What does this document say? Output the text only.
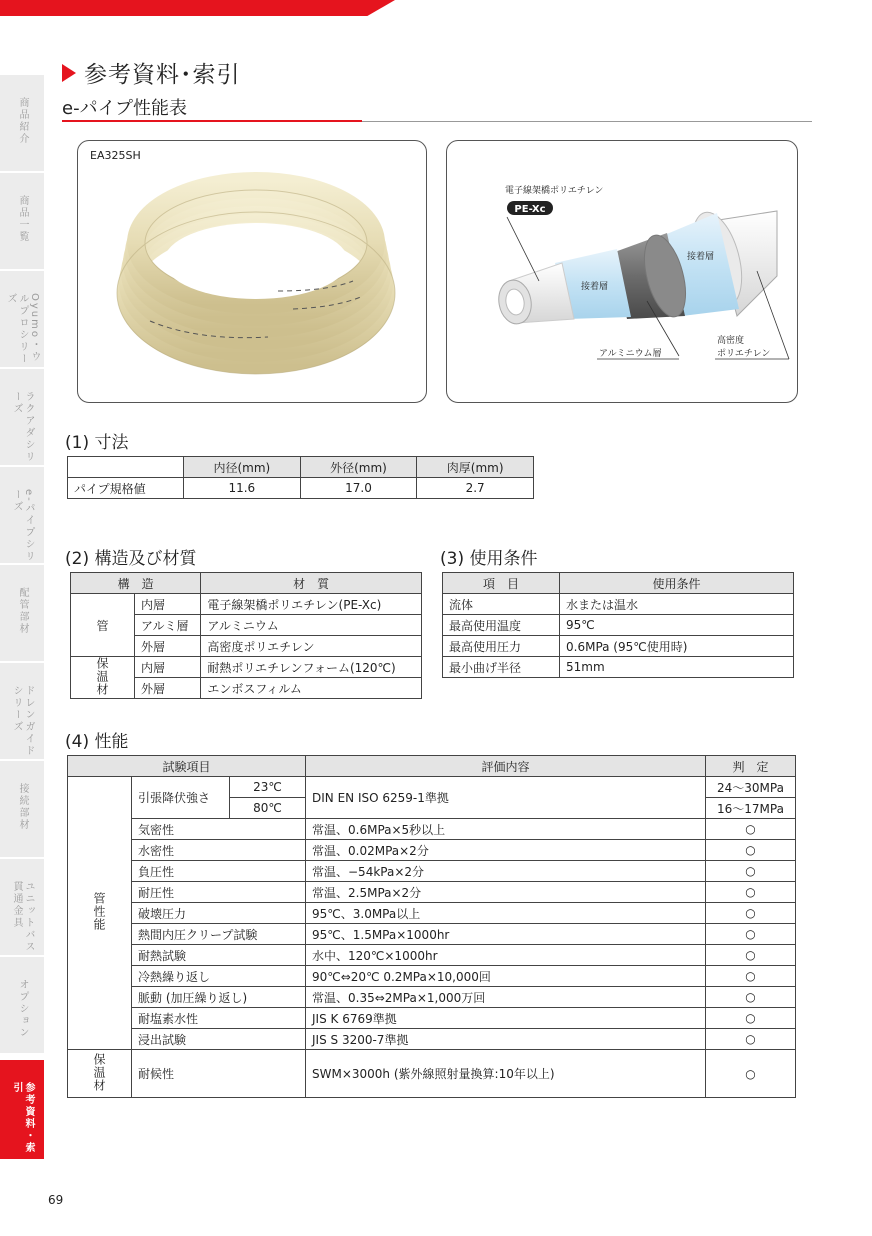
商品紹介
商品一覧
Oyumo・ウルプロシリーズ
ラクアダシリーズ
e-パイプシリーズ
配管部材
ドレンガイドシリーズ
接続部材
ユニットバス貫通金具
オプション
参考資料・索引
参考資料･索引
e-パイプ性能表
EA325SH
電子線架橋ポリエチレン
PE-Xc
接着層
接着層
アルミニウム層
高密度
ポリエチレン
(1) 寸法
	内径(mm)	外径(mm)	肉厚(mm)
パイプ規格値	11.6	17.0	2.7
(2) 構造及び材質
構　造		材　質
管	内層	電子線架橋ポリエチレン(PE-Xc)
	アルミ層	アルミニウム
	外層	高密度ポリエチレン
保温材	内層	耐熱ポリエチレンフォーム(120℃)
	外層	エンボスフィルム
(3) 使用条件
項　目	使用条件
流体	水または温水
最高使用温度	95℃
最高使用圧力	0.6MPa (95℃使用時)
最小曲げ半径	51mm
(4) 性能
試験項目			評価内容	判　定
管性能	引張降伏強さ	23℃	DIN EN ISO 6259-1準拠	24〜30MPa
		80℃		16〜17MPa
	気密性		常温、0.6MPa×5秒以上	○
	水密性		常温、0.02MPa×2分	○
	負圧性		常温、−54kPa×2分	○
	耐圧性		常温、2.5MPa×2分	○
	破壊圧力		95℃、3.0MPa以上	○
	熱間内圧クリープ試験		95℃、1.5MPa×1000hr	○
	耐熱試験		水中、120℃×1000hr	○
	冷熱繰り返し		90℃⇔20℃ 0.2MPa×10,000回	○
	脈動 (加圧繰り返し)		常温、0.35⇔2MPa×1,000万回	○
	耐塩素水性		JIS K 6769準拠	○
	浸出試験		JIS S 3200-7準拠	○
保温材	耐候性		SWM×3000h (紫外線照射量換算:10年以上)	○
69
